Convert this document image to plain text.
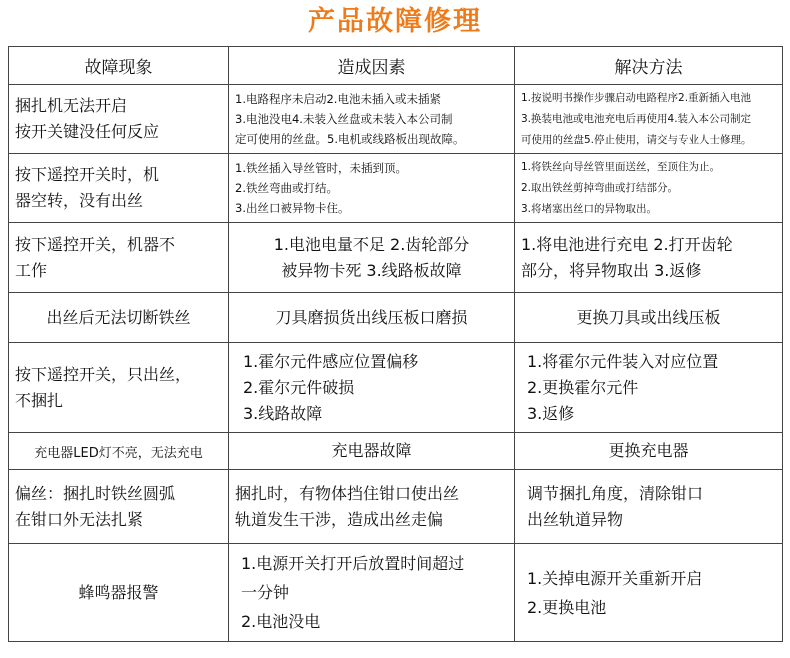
产品故障修理
故障现象	造成因素	解决方法

捆扎机无法开启
按开关键没任何反应	1.电路程序未启动2.电池未插入或未插紧
3.电池没电4.未装入丝盘或未装入本公司制
定可使用的丝盘。5.电机或线路板出现故障。	1.按说明书操作步骤启动电路程序2.重新插入电池
3.换装电池或电池充电后再使用4.装入本公司制定
可使用的丝盘5.停止使用，请交与专业人士修理。

按下遥控开关时，机
器空转，没有出丝	1.铁丝插入导丝管时，未插到顶。
2.铁丝弯曲或打结。
3.出丝口被异物卡住。	1.将铁丝向导丝管里面送丝，至顶住为止。
2.取出铁丝剪掉弯曲或打结部分。
3.将堵塞出丝口的异物取出。

按下遥控开关，机器不
工作	1.电池电量不足 2.齿轮部分
被异物卡死 3.线路板故障	1.将电池进行充电 2.打开齿轮
部分，将异物取出 3.返修

出丝后无法切断铁丝	刀具磨损货出线压板口磨损	更换刀具或出线压板

按下遥控开关，只出丝，
不捆扎	1.霍尔元件感应位置偏移
2.霍尔元件破损
3.线路故障	1.将霍尔元件装入对应位置
2.更换霍尔元件
3.返修

充电器LED灯不亮，无法充电	充电器故障	更换充电器

偏丝：捆扎时铁丝圆弧
在钳口外无法扎紧	捆扎时，有物体挡住钳口使出丝
轨道发生干涉，造成出丝走偏	调节捆扎角度，清除钳口
出丝轨道异物

蜂鸣器报警	1.电源开关打开后放置时间超过
一分钟
2.电池没电	1.关掉电源开关重新开启
2.更换电池
